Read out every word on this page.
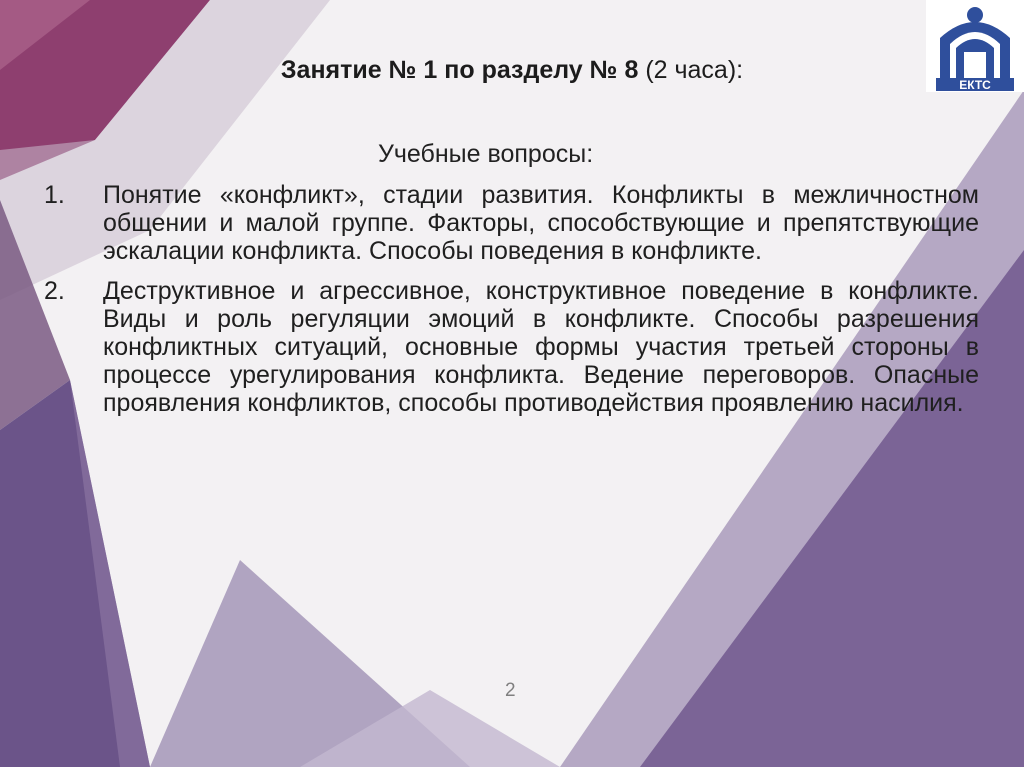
ЕКТС
Занятие № 1 по разделу № 8 (2 часа):
Учебные вопросы:
1. Понятие «конфликт», стадии развития. Конфликты в межличностном общении и малой группе. Факторы, способствующие и препятствующие эскалации конфликта. Способы поведения в конфликте.
2. Деструктивное и агрессивное, конструктивное поведение в конфликте. Виды и роль регуляции эмоций в конфликте. Способы разрешения конфликтных ситуаций, основные формы участия третьей стороны в процессе урегулирования конфликта. Ведение переговоров. Опасные проявления конфликтов, способы противодействия проявлению насилия.
2
